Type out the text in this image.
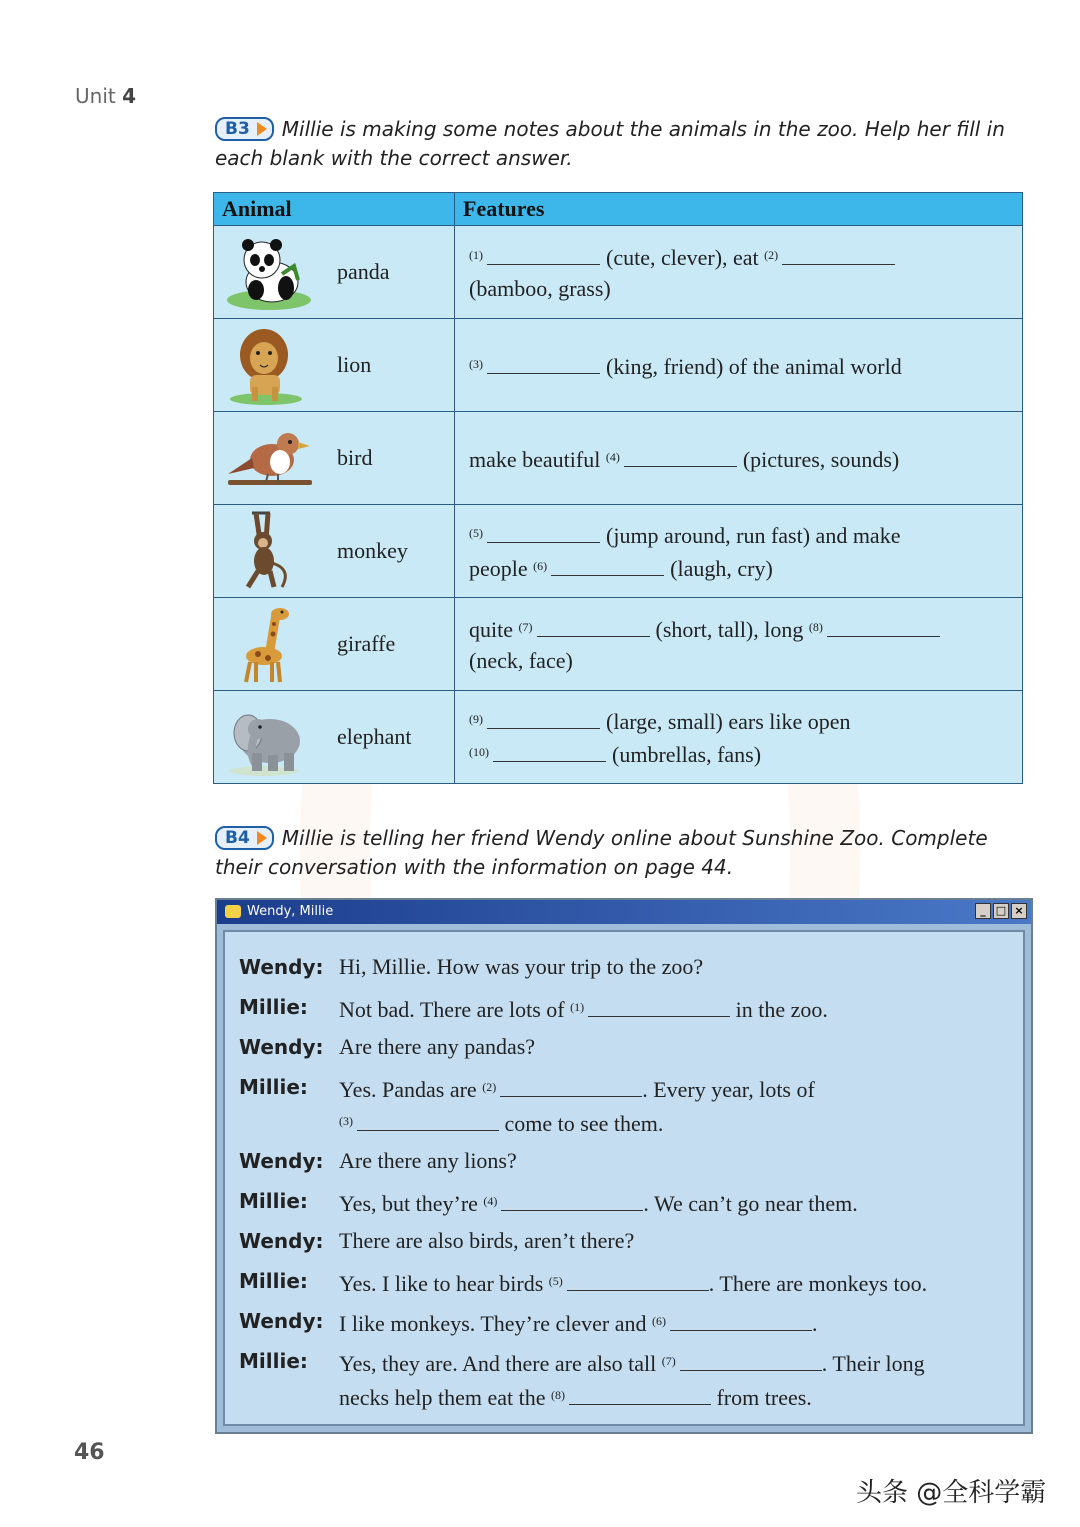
Unit 4
B3 Millie is making some notes about the animals in the zoo. Help her fill in each blank with the correct answer.
Animal	Features

panda	$^{(1)}$ (cute, clever), eat $^{(2)}$
(bamboo, grass)

lion	$^{(3)}$ (king, friend) of the animal world

bird	make beautiful $^{(4)}$ (pictures, sounds)

monkey	$^{(5)}$ (jump around, run fast) and make
people $^{(6)}$ (laugh, cry)

giraffe	quite $^{(7)}$ (short, tall), long $^{(8)}$
(neck, face)

elephant	$^{(9)}$ (large, small) ears like open
$^{(10)}$ (umbrellas, fans)
B4 Millie is telling her friend Wendy online about Sunshine Zoo. Complete their conversation with the information on page 44.
Wendy, Millie	_ □ ×
Wendy: Hi, Millie. How was your trip to the zoo?
Millie:	Not bad. There are lots of $^{(1)}$	in the zoo.
Wendy: Are there any pandas?
Millie:	Yes. Pandas are $^{(2)}$	. Every year, lots of
$^{(3)}$	come to see them.
Wendy: Are there any lions?
Millie:	Yes, but they’re $^{(4)}$	. We can’t go near them.
Wendy: There are also birds, aren’t there?
Millie:	Yes. I like to hear birds $^{(5)}$	. There are monkeys too.
Wendy: I like monkeys. They’re clever and $^{(6)}$	.
Millie:	Yes, they are. And there are also tall $^{(7)}$	. Their long
necks help them eat the $^{(8)}$	from trees.
46
头条 @全科学霸
